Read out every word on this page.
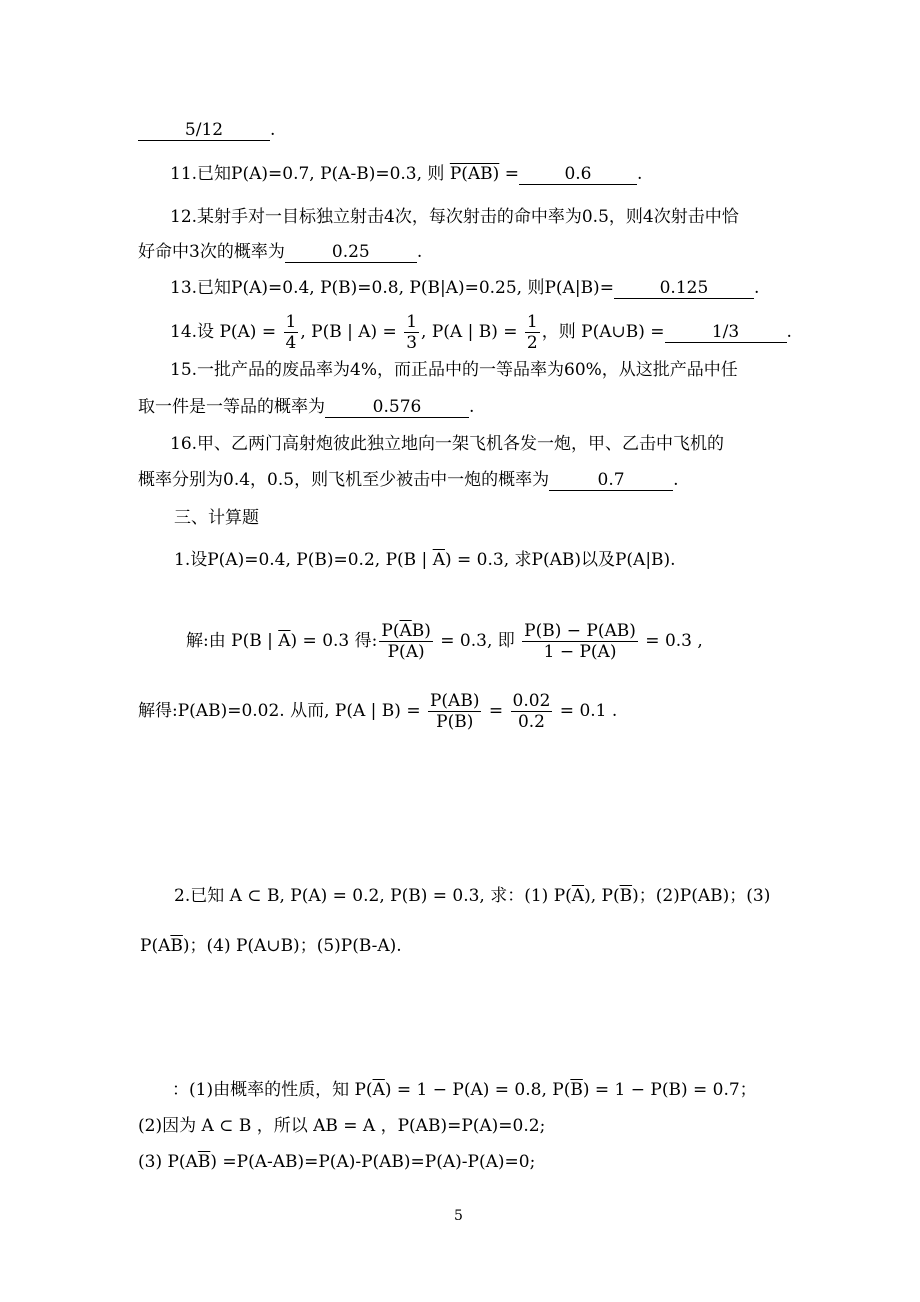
5/12	.
11.已知P(A)=0.7, P(A-B)=0.3, 则 P(AB) =	0.6	.
12.某射手对一目标独立射击4次，每次射击的命中率为0.5，则4次射击中恰
好命中3次的概率为	0.25	.
13.已知P(A)=0.4, P(B)=0.8, P(B|A)=0.25, 则P(A|B)=	0.125	.
14.设 $P(A) = \frac{1}{4}$ , P(B | $A) = \frac{1}{3}$ , P(A | $B) = \frac{1}{2}$ ，则 P(A∪B) =	1/3	.
15.一批产品的废品率为4%，而正品中的一等品率为60%，从这批产品中任
取一件是一等品的概率为	0.576	.
16.甲、乙两门高射炮彼此独立地向一架飞机各发一炮，甲、乙击中飞机的
概率分别为0.4，0.5，则飞机至少被击中一炮的概率为	0.7	.
三、计算题
1.设P(A)=0.4, P(B)=0.2, P(B | $\overline{A}) = 0.3$, 求P(AB)以及P(A|B).
解:由 P(B | $\overline{A}) = 0.3$ 得: $\frac{P(\overline{A}B)}{P(\overline{A})} = 0.3$, 即 $\frac{P(B) - P(AB)}{1 - P(A)} = 0.3$ ,
解得:P(AB)=0.02. 从而, P(A | $B) = \frac{P(AB)}{P(B)} = \frac{0.02}{0.2} = 0.1$ .
2.已知 A ⊂ B, P(A) = 0.2, P(B) = 0.3, 求：(1) $P(\overline{A})$, $P(\overline{B})$；(2)P(AB)；(3)
$P(A\overline{B})$；(4) P(A∪B)；(5)P(B-A).
：(1)由概率的性质，知 $P(\overline{A}) = 1 - P(A) = 0.8$, $P(\overline{B}) = 1 - P(B) = 0.7$；
(2)因为 A ⊂ B ，所以 AB = A ，P(AB)=P(A)=0.2;
(3) $P(A\overline{B}) =P(A-AB)=P(A)-P(AB)=P(A)-P(A)=0$;
5
